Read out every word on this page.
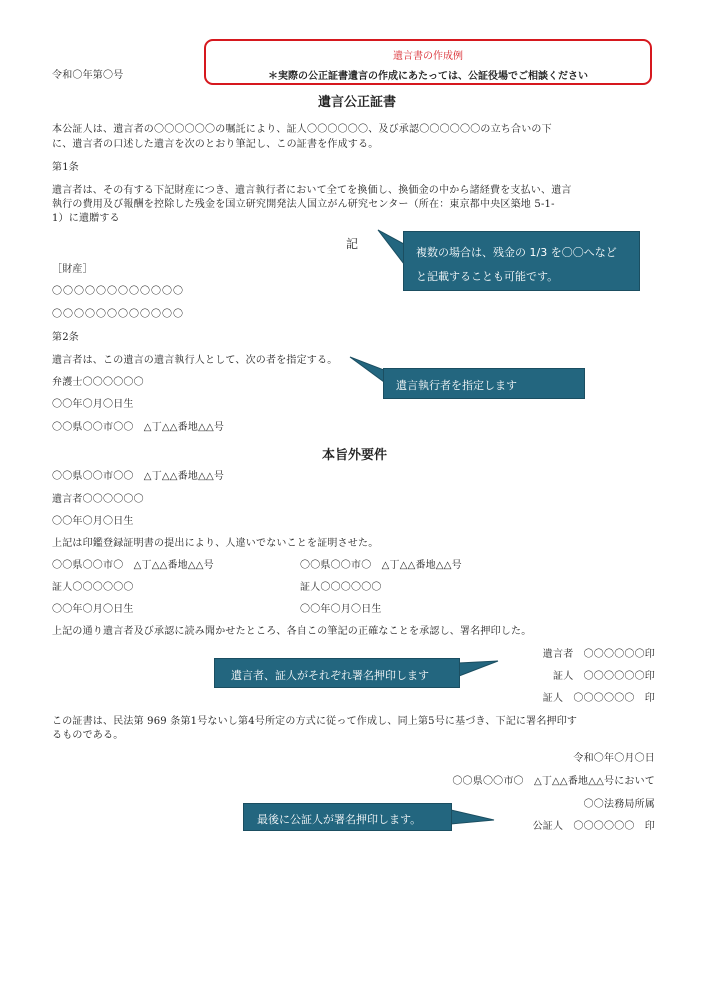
令和〇年第〇号
遺言書の作成例
＊実際の公正証書遺言の作成にあたっては、公証役場でご相談ください
遺言公正証書
本公証人は、遺言者の〇〇〇〇〇〇の嘱託により、証人〇〇〇〇〇〇、及び承認〇〇〇〇〇〇の立ち合いの下
に、遺言者の口述した遺言を次のとおり筆記し、この証書を作成する。
第1条
遺言者は、その有する下記財産につき、遺言執行者において全てを換価し、換価金の中から諸経費を支払い、遺言
執行の費用及び報酬を控除した残金を国立研究開発法人国立がん研究センター（所在：東京都中央区築地 5-1-
1）に遺贈する
記
［財産］
〇〇〇〇〇〇〇〇〇〇〇〇
〇〇〇〇〇〇〇〇〇〇〇〇
第2条
遺言者は、この遺言の遺言執行人として、次の者を指定する。
弁護士〇〇〇〇〇〇
〇〇年〇月〇日生
〇〇県〇〇市〇〇　△丁△△番地△△号
本旨外要件
〇〇県〇〇市〇〇　△丁△△番地△△号
遺言者〇〇〇〇〇〇
〇〇年〇月〇日生
上記は印鑑登録証明書の提出により、人違いでないことを証明させた。
〇〇県〇〇市〇　△丁△△番地△△号	〇〇県〇〇市〇　△丁△△番地△△号
証人〇〇〇〇〇〇	証人〇〇〇〇〇〇
〇〇年〇月〇日生	〇〇年〇月〇日生
上記の通り遺言者及び承認に読み聞かせたところ、各自この筆記の正確なことを承認し、署名押印した。
遺言者　〇〇〇〇〇〇印
証人　〇〇〇〇〇〇印
証人　〇〇〇〇〇〇　印
この証書は、民法第 969 条第1号ないし第4号所定の方式に従って作成し、同上第5号に基づき、下記に署名押印す
るものである。
令和〇年〇月〇日
〇〇県〇〇市〇　△丁△△番地△△号において
〇〇法務局所属
公証人　〇〇〇〇〇〇　印
複数の場合は、残金の 1/3 を〇〇へなど
と記載することも可能です。
遺言執行者を指定します
遺言者、証人がそれぞれ署名押印します
最後に公証人が署名押印します。
